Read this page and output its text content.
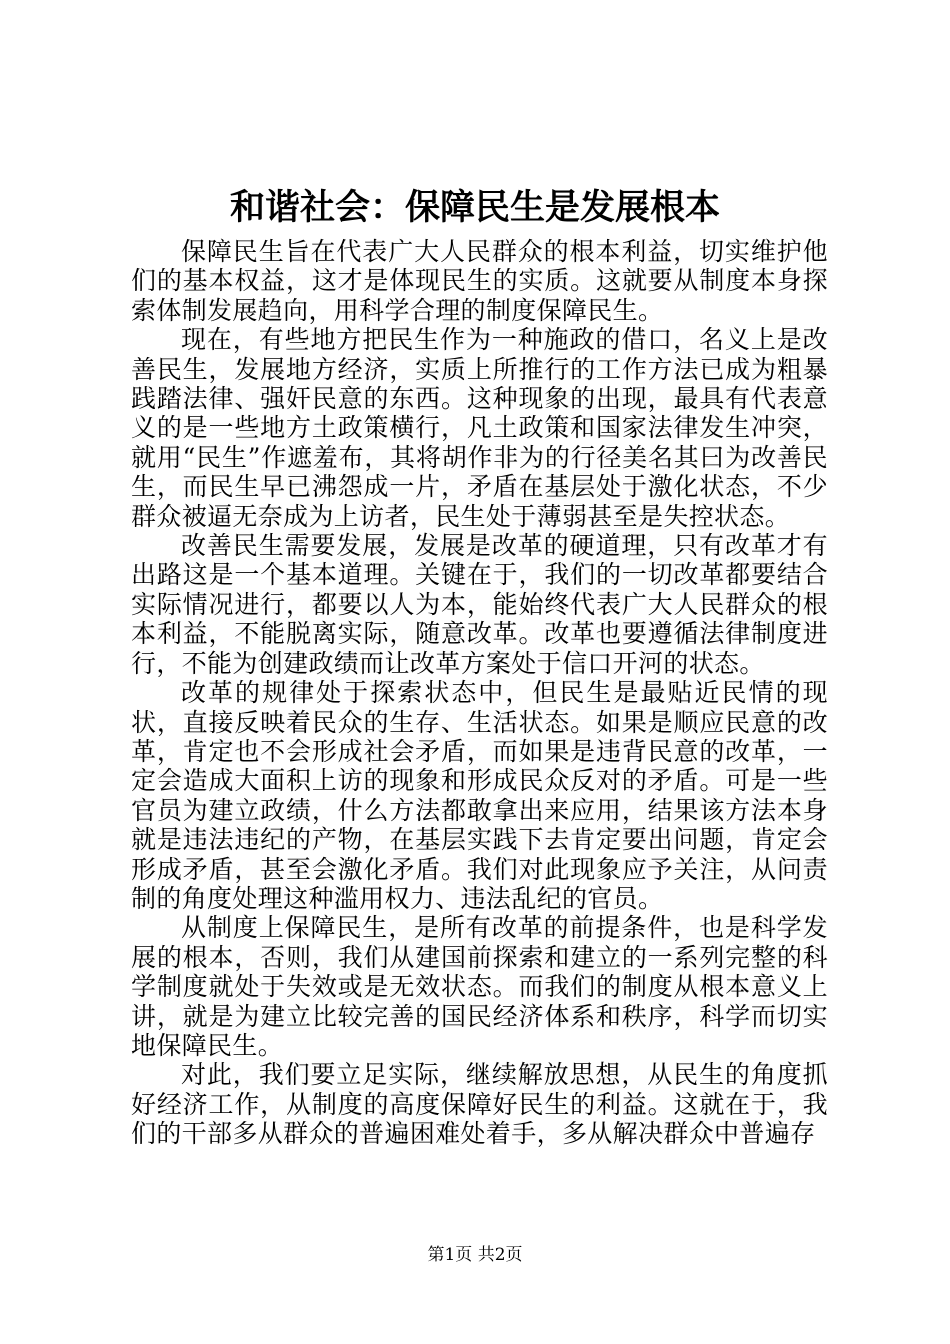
和谐社会：保障民生是发展根本

保障民生旨在代表广大人民群众的根本利益，切实维护他们的基本权益，这才是体现民生的实质。这就要从制度本身探索体制发展趋向，用科学合理的制度保障民生。

现在，有些地方把民生作为一种施政的借口，名义上是改善民生，发展地方经济，实质上所推行的工作方法已成为粗暴践踏法律、强奸民意的东西。这种现象的出现，最具有代表意义的是一些地方土政策横行，凡土政策和国家法律发生冲突，就用“民生”作遮羞布，其将胡作非为的行径美名其曰为改善民生，而民生早已沸怨成一片，矛盾在基层处于激化状态，不少群众被逼无奈成为上访者，民生处于薄弱甚至是失控状态。

改善民生需要发展，发展是改革的硬道理，只有改革才有出路这是一个基本道理。关键在于，我们的一切改革都要结合实际情况进行，都要以人为本，能始终代表广大人民群众的根本利益，不能脱离实际，随意改革。改革也要遵循法律制度进行，不能为创建政绩而让改革方案处于信口开河的状态。

改革的规律处于探索状态中，但民生是最贴近民情的现状，直接反映着民众的生存、生活状态。如果是顺应民意的改革，肯定也不会形成社会矛盾，而如果是违背民意的改革，一定会造成大面积上访的现象和形成民众反对的矛盾。可是一些官员为建立政绩，什么方法都敢拿出来应用，结果该方法本身就是违法违纪的产物，在基层实践下去肯定要出问题，肯定会形成矛盾，甚至会激化矛盾。我们对此现象应予关注，从问责制的角度处理这种滥用权力、违法乱纪的官员。

从制度上保障民生，是所有改革的前提条件，也是科学发展的根本，否则，我们从建国前探索和建立的一系列完整的科学制度就处于失效或是无效状态。而我们的制度从根本意义上讲，就是为建立比较完善的国民经济体系和秩序，科学而切实地保障民生。

对此，我们要立足实际，继续解放思想，从民生的角度抓好经济工作，从制度的高度保障好民生的利益。这就在于，我们的干部多从群众的普遍困难处着手，多从解决群众中普遍存

第1页 共2页
